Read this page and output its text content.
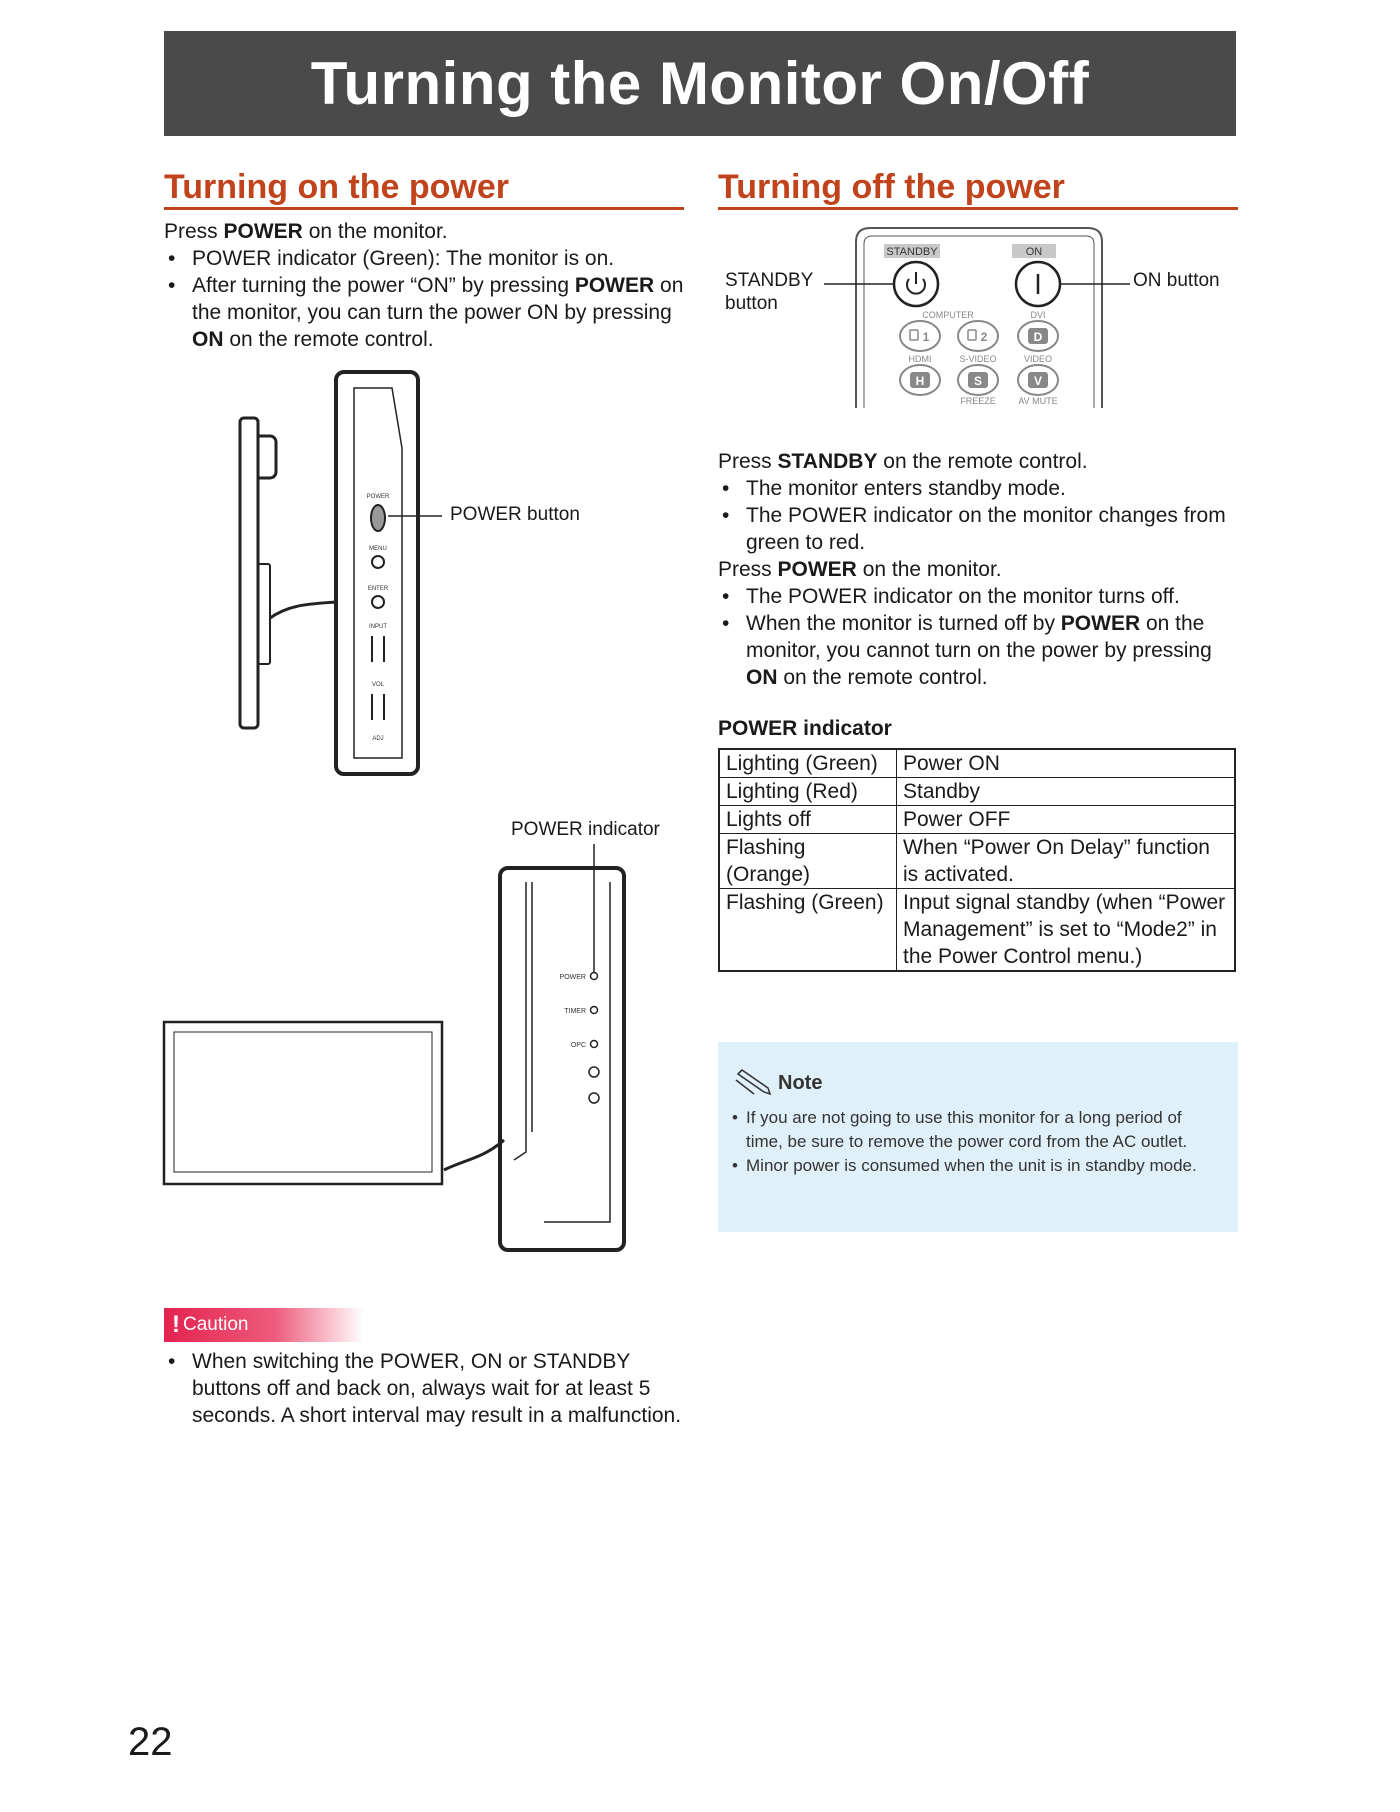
Turning the Monitor On/Off
Turning on the power

Press POWER on the monitor.

• POWER indicator (Green): The monitor is on.
• After turning the power “ON” by pressing POWER on the monitor, you can turn the power ON by pressing ON on the remote control.
POWER
MENU
ENTER
INPUT
VOL
ADJ
POWER button
POWER indicator
POWER
TIMER
OPC
Turning off the power
STANDBY	ON
COMPUTER	DVI
HDMI	S-VIDEO	VIDEO
FREEZE	AV MUTE
1	2	D
H	S	V
STANDBY
button
ON button

Press STANDBY on the remote control.

• The monitor enters standby mode.
• The POWER indicator on the monitor changes from green to red.

Press POWER on the monitor.

• The POWER indicator on the monitor turns off.
• When the monitor is turned off by POWER on the monitor, you cannot turn on the power by pressing ON on the remote control.
POWER indicator
Lighting (Green)	Power ON
Lighting (Red)	Standby
Lights off	Power OFF
Flashing (Orange)	When “Power On Delay” function is activated.
Flashing (Green)	Input signal standby (when “Power Management” is set to “Mode2” in the Power Control menu.)
Note
• If you are not going to use this monitor for a long period of time, be sure to remove the power cord from the AC outlet.
• Minor power is consumed when the unit is in standby mode.
! Caution
• When switching the POWER, ON or STANDBY buttons off and back on, always wait for at least 5 seconds. A short interval may result in a malfunction.
22
